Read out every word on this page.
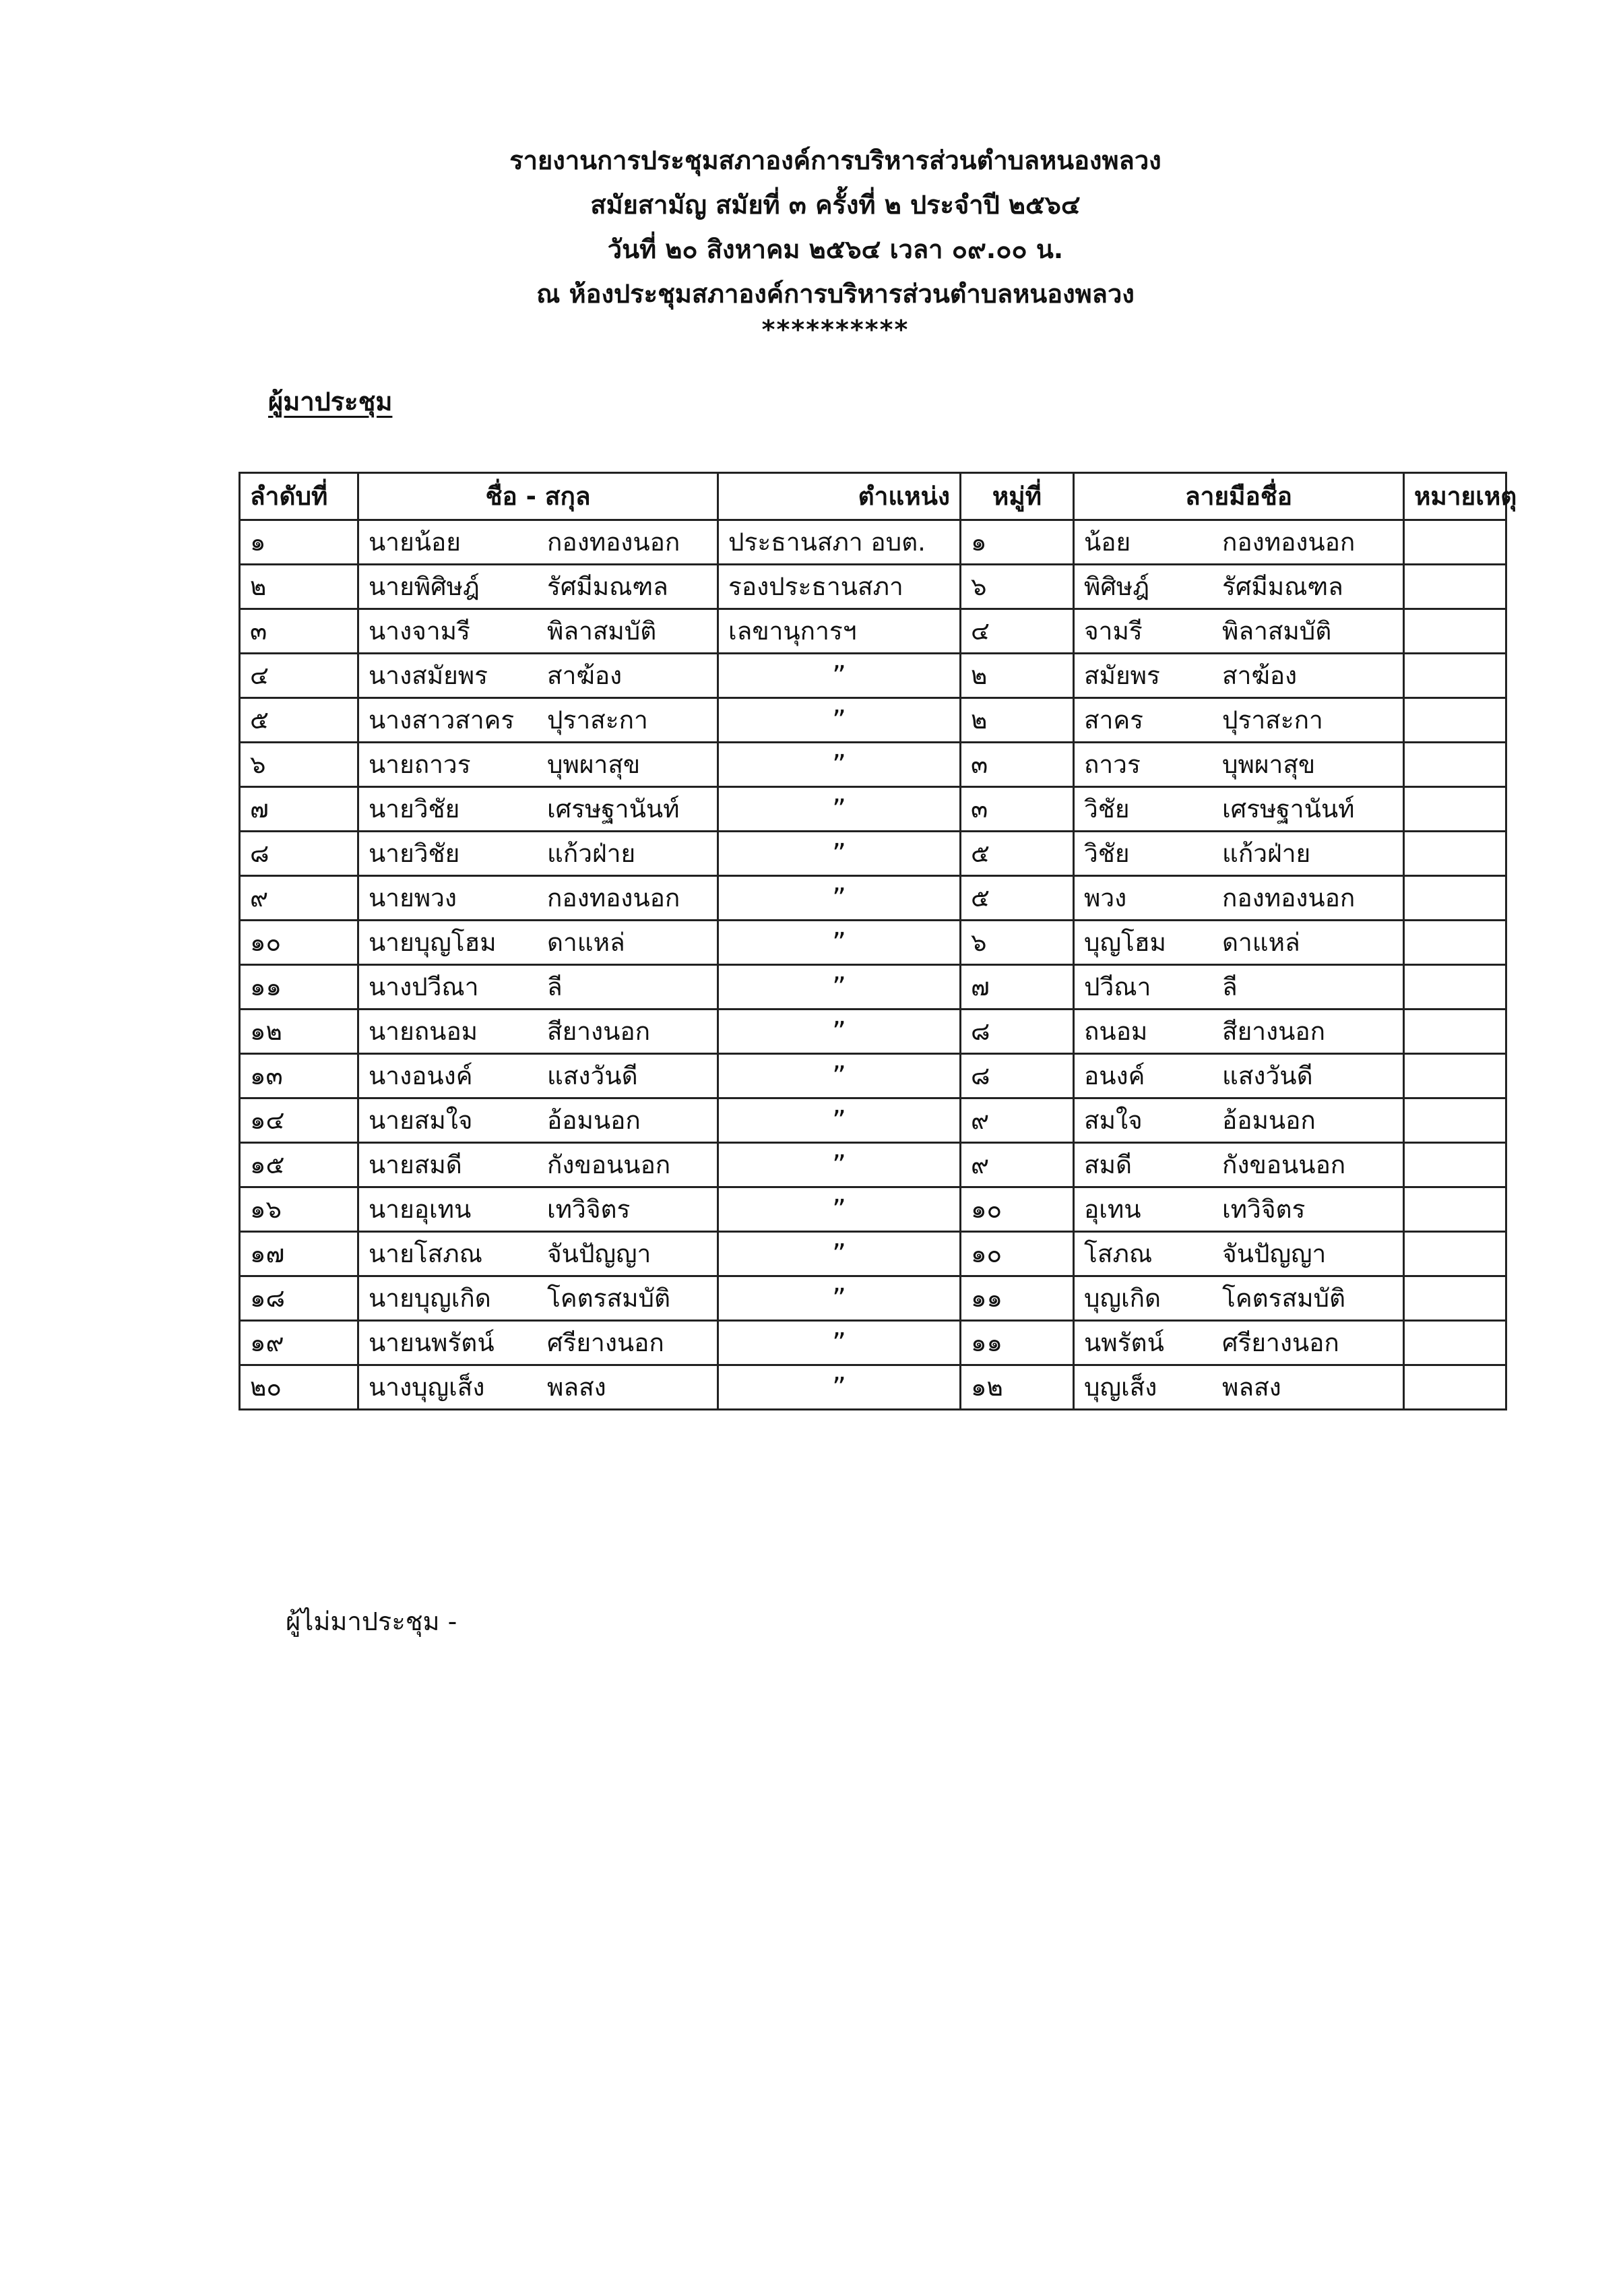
รายงานการประชุมสภาองค์การบริหารส่วนตำบลหนองพลวง
สมัยสามัญ สมัยที่ ๓ ครั้งที่ ๒ ประจำปี ๒๕๖๔
วันที่ ๒๐ สิงหาคม ๒๕๖๔ เวลา ๐๙.๐๐ น.
ณ ห้องประชุมสภาองค์การบริหารส่วนตำบลหนองพลวง
**********
ผู้มาประชุม
ลำดับที่	ชื่อ - สกุล	ตำแหน่ง	หมู่ที่	ลายมือชื่อ	หมายเหตุ
๑	นายน้อย กองทองนอก	ประธานสภา อบต.	๑	น้อย กองทองนอก	
๒	นายพิศิษฎ์ รัศมีมณฑล	รองประธานสภา	๖	พิศิษฎ์ รัศมีมณฑล	
๓	นางจามรี พิลาสมบัติ	เลขานุการฯ	๔	จามรี พิลาสมบัติ	
๔	นางสมัยพร สาฆ้อง	”	๒	สมัยพร สาฆ้อง	
๕	นางสาวสาคร ปุราสะกา	”	๒	สาคร ปุราสะกา	
๖	นายถาวร บุพผาสุข	”	๓	ถาวร บุพผาสุข	
๗	นายวิชัย เศรษฐานันท์	”	๓	วิชัย เศรษฐานันท์	
๘	นายวิชัย แก้วฝ่าย	”	๕	วิชัย แก้วฝ่าย	
๙	นายพวง กองทองนอก	”	๕	พวง กองทองนอก	
๑๐	นายบุญโฮม ดาแหล่	”	๖	บุญโฮม ดาแหล่	
๑๑	นางปวีณา ลี	”	๗	ปวีณา ลี	
๑๒	นายถนอม สียางนอก	”	๘	ถนอม สียางนอก	
๑๓	นางอนงค์ แสงวันดี	”	๘	อนงค์ แสงวันดี	
๑๔	นายสมใจ อ้อมนอก	”	๙	สมใจ อ้อมนอก	
๑๕	นายสมดี กังขอนนอก	”	๙	สมดี กังขอนนอก	
๑๖	นายอุเทน เทวิจิตร	”	๑๐	อุเทน เทวิจิตร	
๑๗	นายโสภณ จันปัญญา	”	๑๐	โสภณ จันปัญญา	
๑๘	นายบุญเกิด โคตรสมบัติ	”	๑๑	บุญเกิด โคตรสมบัติ	
๑๙	นายนพรัตน์ ศรียางนอก	”	๑๑	นพรัตน์ ศรียางนอก	
๒๐	นางบุญเส็ง พลสง	”	๑๒	บุญเส็ง พลสง	
ผู้ไม่มาประชุม -
